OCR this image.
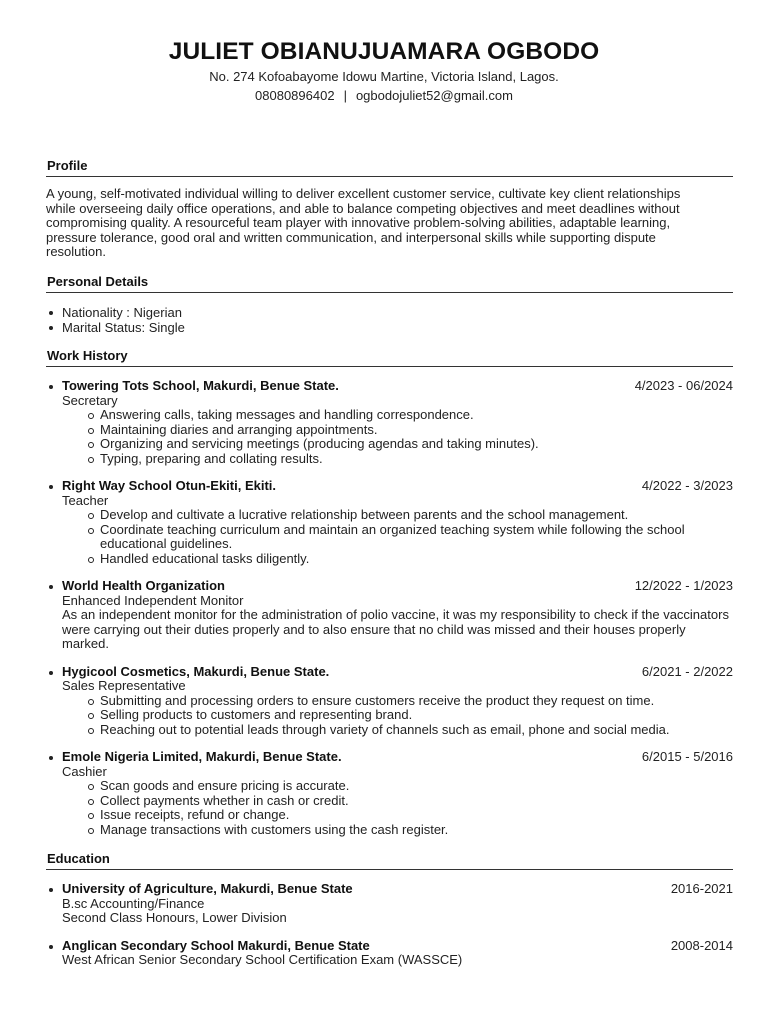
JULIET OBIANUJUAMARA OGBODO
No. 274 Kofoabayome Idowu Martine, Victoria Island, Lagos.
08080896402 | ogbodojuliet52@gmail.com
Profile
A young, self-motivated individual willing to deliver excellent customer service, cultivate key client relationships
while overseeing daily office operations, and able to balance competing objectives and meet deadlines without
compromising quality. A resourceful team player with innovative problem-solving abilities, adaptable learning,
pressure tolerance, good oral and written communication, and interpersonal skills while supporting dispute
resolution.
Personal Details
Nationality : Nigerian
Marital Status: Single
Work History
Towering Tots School, Makurdi, Benue State.	4/2023 - 06/2024
Secretary
Answering calls, taking messages and handling correspondence.
Maintaining diaries and arranging appointments.
Organizing and servicing meetings (producing agendas and taking minutes).
Typing, preparing and collating results.
Right Way School Otun-Ekiti, Ekiti.	4/2022 - 3/2023
Teacher
Develop and cultivate a lucrative relationship between parents and the school management.
Coordinate teaching curriculum and maintain an organized teaching system while following the school educational guidelines.
Handled educational tasks diligently.
World Health Organization	12/2022 - 1/2023
Enhanced Independent Monitor
As an independent monitor for the administration of polio vaccine, it was my responsibility to check if the vaccinators were carrying out their duties properly and to also ensure that no child was missed and their houses properly marked.
Hygicool Cosmetics, Makurdi, Benue State.	6/2021 - 2/2022
Sales Representative
Submitting and processing orders to ensure customers receive the product they request on time.
Selling products to customers and representing brand.
Reaching out to potential leads through variety of channels such as email, phone and social media.
Emole Nigeria Limited, Makurdi, Benue State.	6/2015 - 5/2016
Cashier
Scan goods and ensure pricing is accurate.
Collect payments whether in cash or credit.
Issue receipts, refund or change.
Manage transactions with customers using the cash register.
Education
University of Agriculture, Makurdi, Benue State	2016-2021
B.sc Accounting/Finance
Second Class Honours, Lower Division
Anglican Secondary School Makurdi, Benue State	2008-2014
West African Senior Secondary School Certification Exam (WASSCE)
